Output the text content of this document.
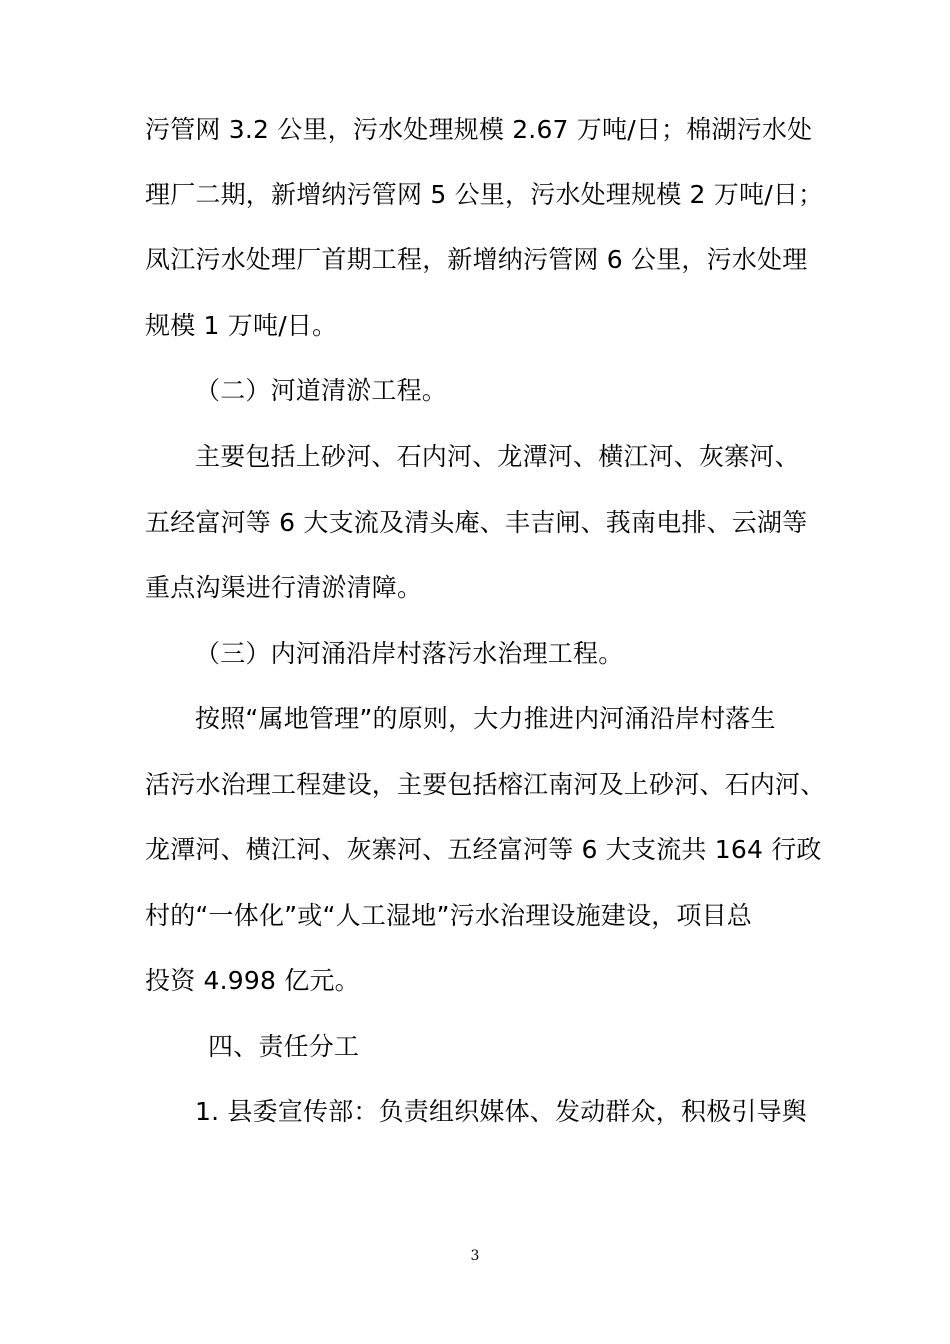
污管网 3.2 公里，污水处理规模 2.67 万吨/日；棉湖污水处
理厂二期，新增纳污管网 5 公里，污水处理规模 2 万吨/日；
凤江污水处理厂首期工程，新增纳污管网 6 公里，污水处理
规模 1 万吨/日。
（二）河道清淤工程。
主要包括上砂河、石内河、龙潭河、横江河、灰寨河、
五经富河等 6 大支流及清头庵、丰吉闸、莪南电排、云湖等
重点沟渠进行清淤清障。
（三）内河涌沿岸村落污水治理工程。
按照“属地管理”的原则，大力推进内河涌沿岸村落生
活污水治理工程建设，主要包括榕江南河及上砂河、石内河、
龙潭河、横江河、灰寨河、五经富河等 6 大支流共 164 行政
村的“一体化”或“人工湿地”污水治理设施建设，项目总
投资 4.998 亿元。
四、责任分工
1. 县委宣传部：负责组织媒体、发动群众，积极引导舆
3
